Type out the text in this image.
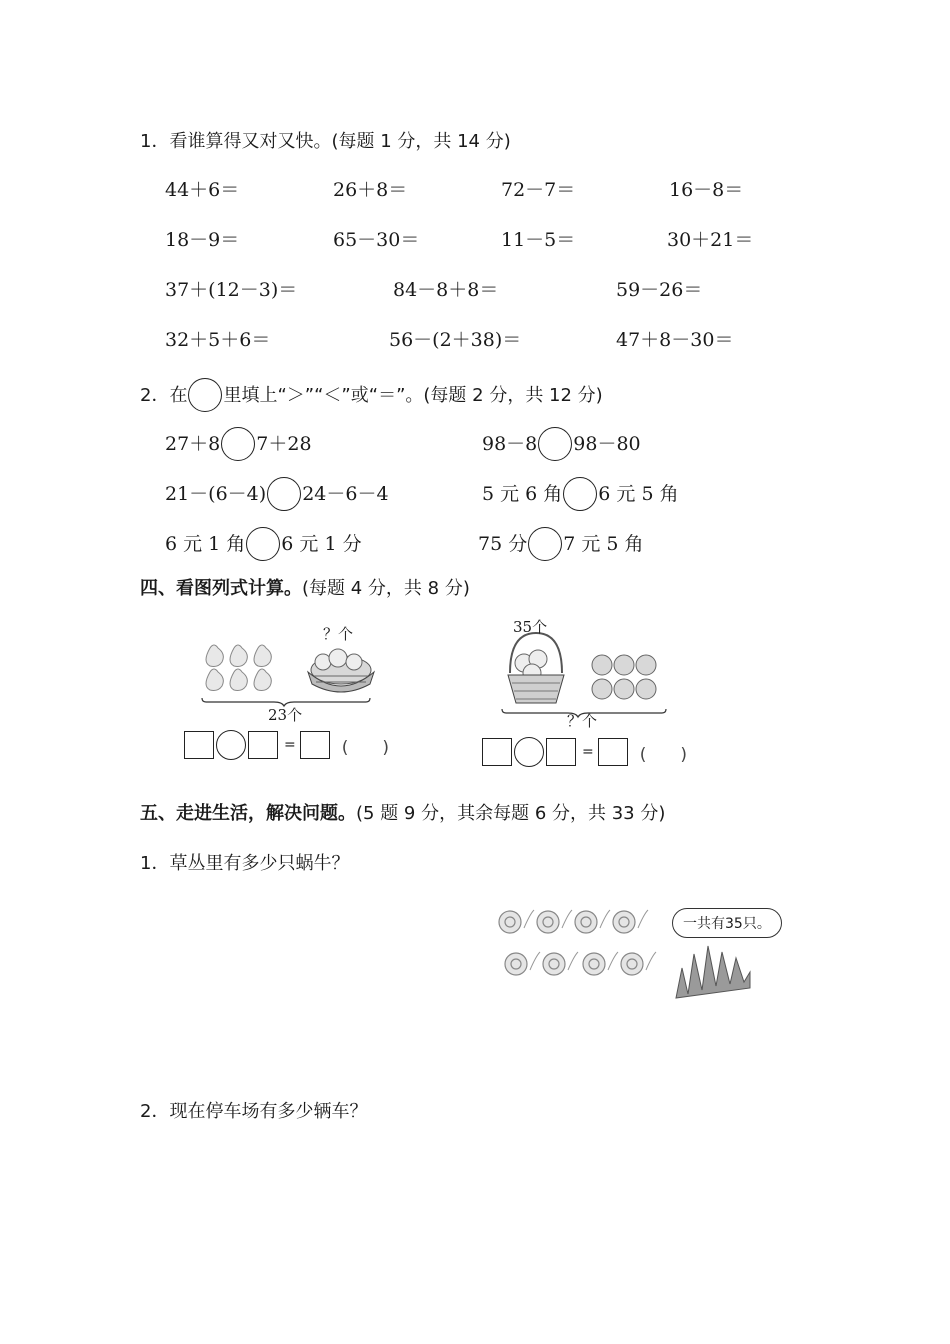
1．看谁算得又对又快。(每题 1 分，共 14 分)
44＋6＝	26＋8＝	72－7＝	16－8＝
18－9＝	65－30＝	11－5＝	30＋21＝
37＋(12－3)＝	84－8＋8＝	59－26＝
32＋5＋6＝	56－(2＋38)＝	47＋8－30＝
2．在 里填上“＞”“＜”或“＝”。(每题 2 分，共 12 分)
27＋8 7＋28	98－8 98－80
21－(6－4) 24－6－4	5 元 6 角 6 元 5 角
6 元 1 角 6 元 1 分	75 分 7 元 5 角
四、看图列式计算。(每题 4 分，共 8 分)
？个
23个
=	(　　)
35个
？个
=	(　　)
五、走进生活，解决问题。(5 题 9 分，其余每题 6 分，共 33 分)
1．草丛里有多少只蜗牛？
一共有35只。
2．现在停车场有多少辆车？
